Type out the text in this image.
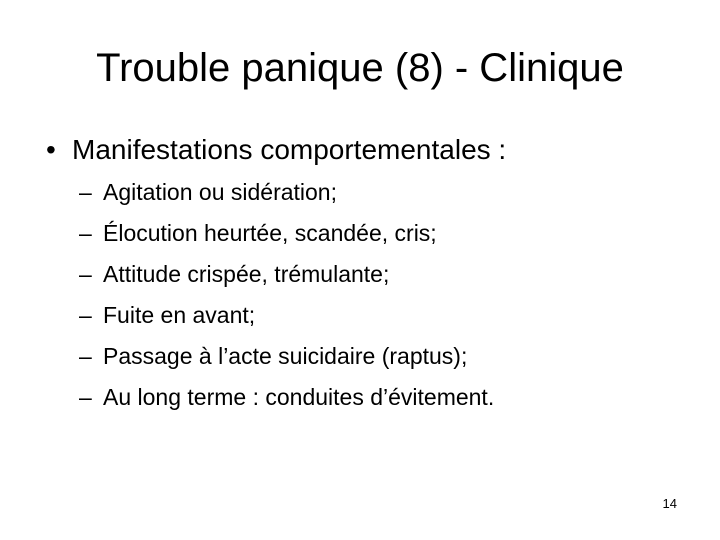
Trouble panique (8) - Clinique
• Manifestations comportementales :
– Agitation ou sidération;
– Élocution heurtée, scandée, cris;
– Attitude crispée, trémulante;
– Fuite en avant;
– Passage à l’acte suicidaire (raptus);
– Au long terme : conduites d’évitement.
14
